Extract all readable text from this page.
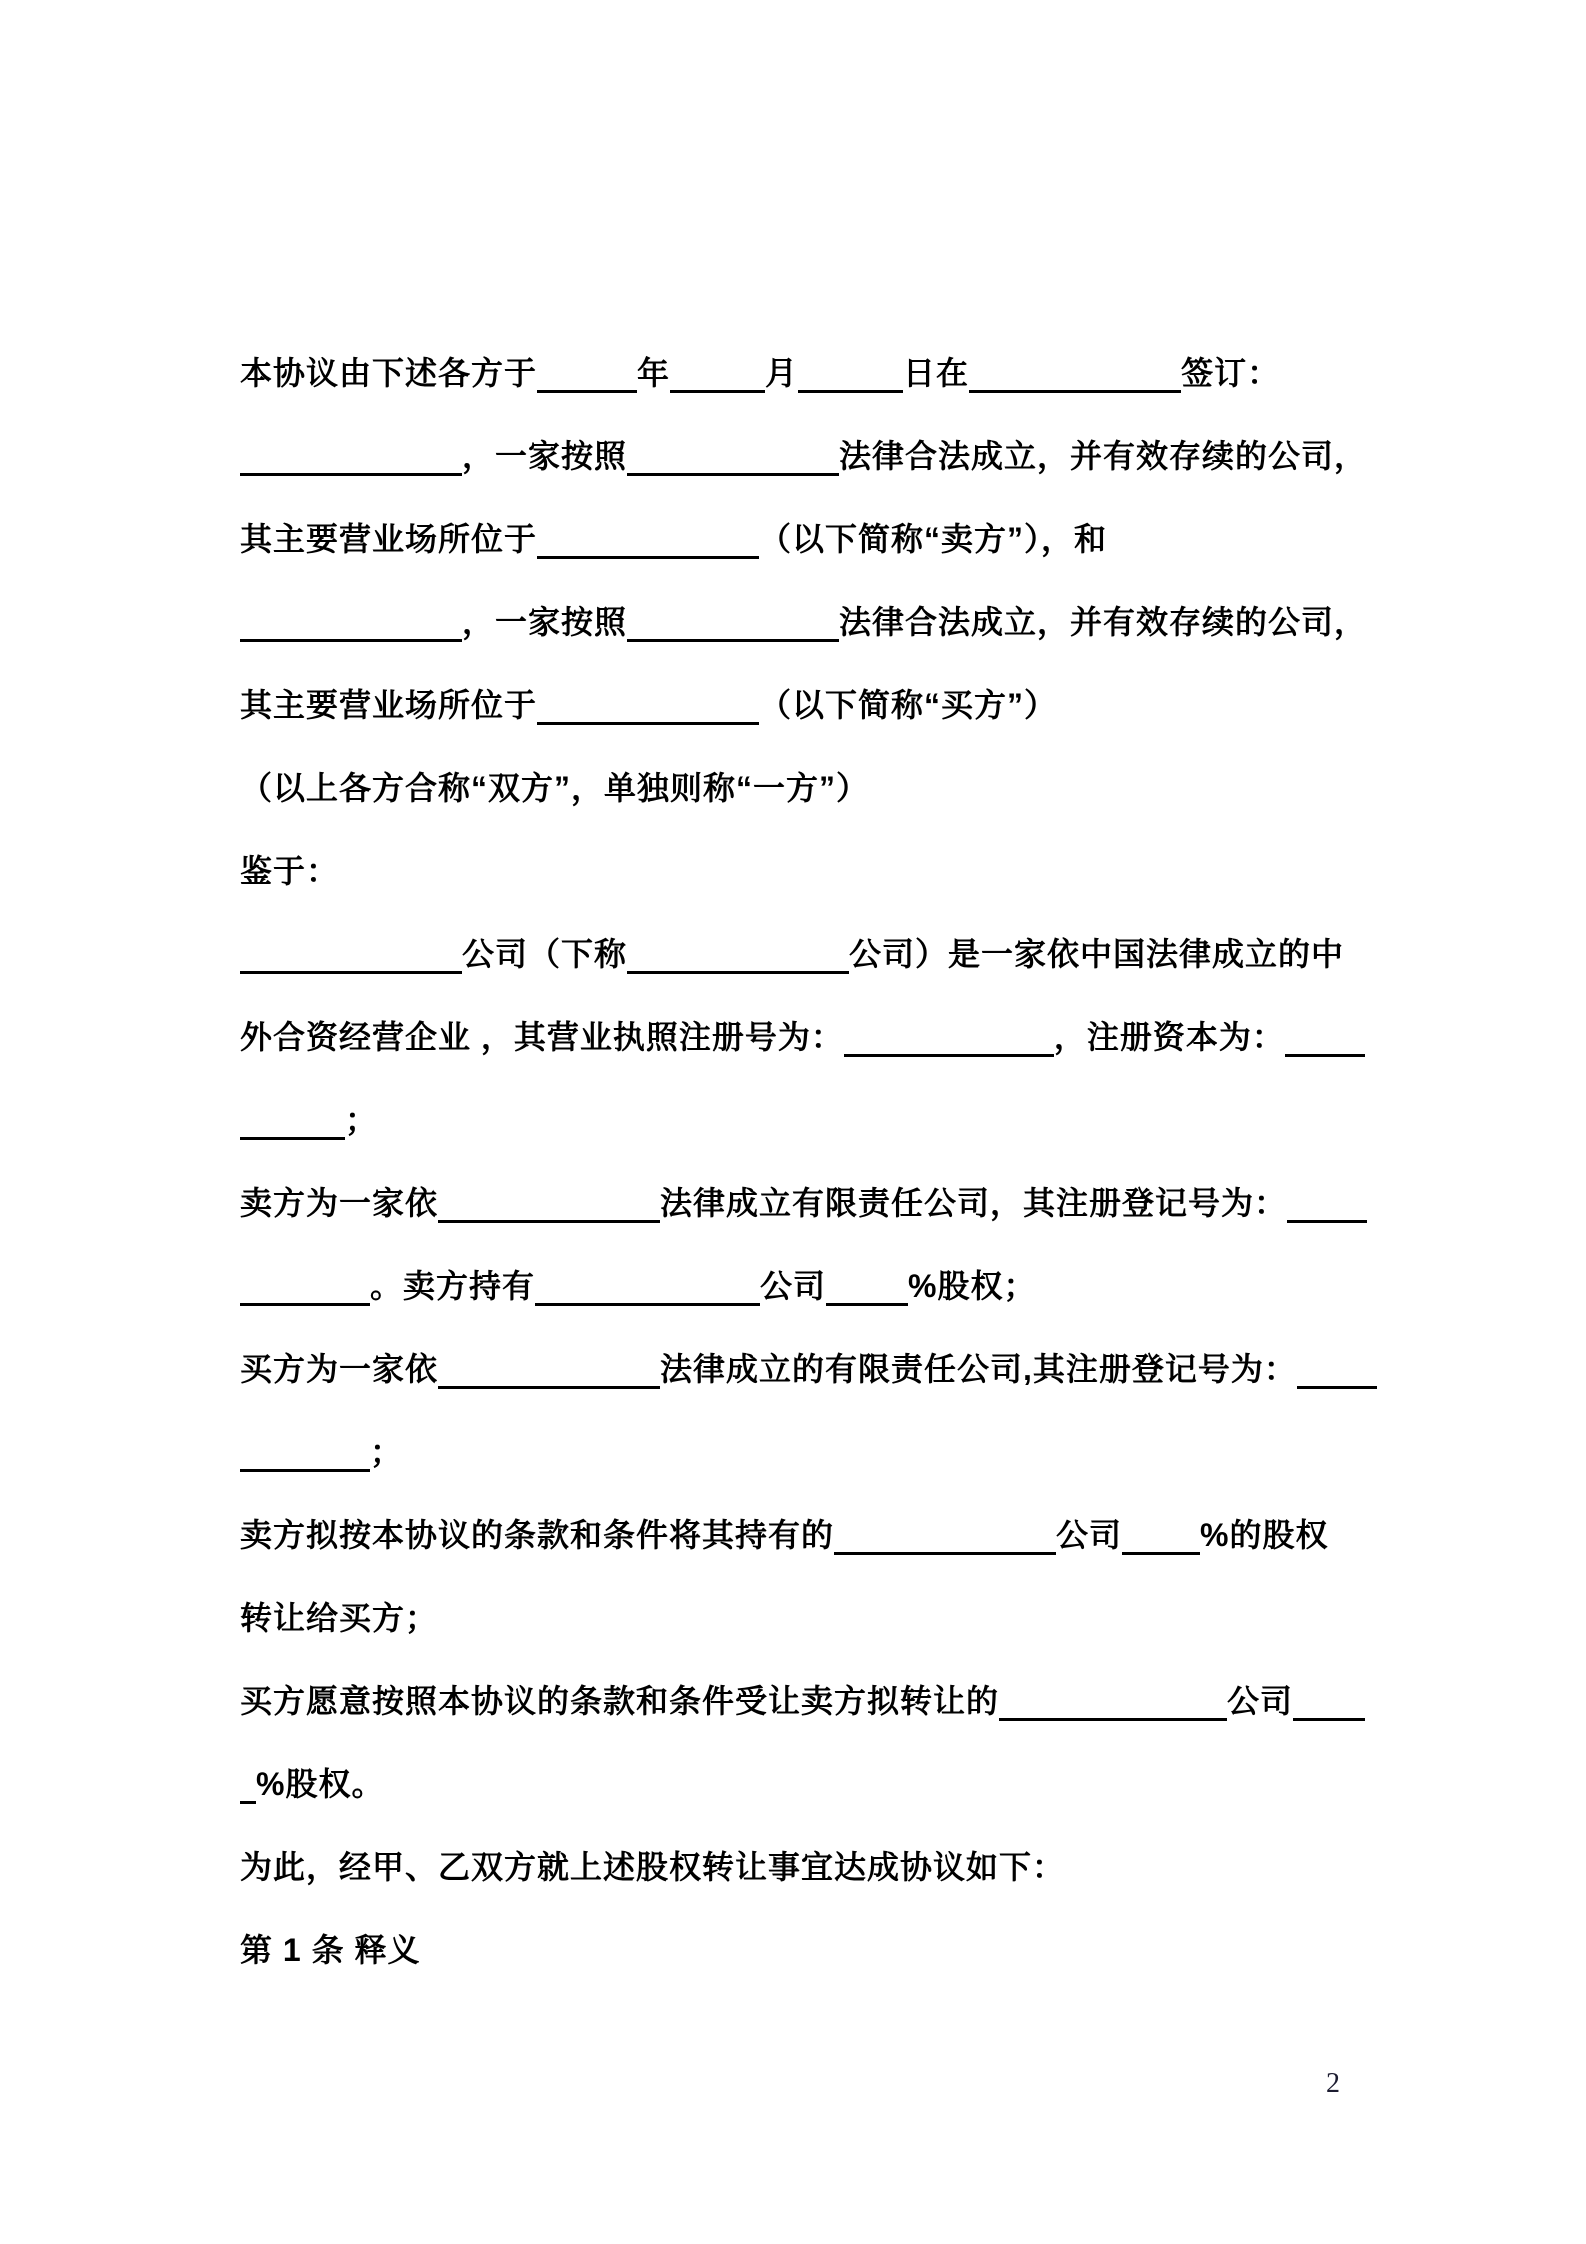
本协议由下述各方于	年	月	日在	签订：
，一家按照	法律合法成立，并有效存续的公司，
其主要营业场所位于	（以下简称“卖方”），和
，一家按照	法律合法成立，并有效存续的公司，
其主要营业场所位于	（以下简称“买方”）
（以上各方合称“双方”，单独则称“一方”）
鉴于：
公司（下称	公司）是一家依中国法律成立的中
外合资经营企业 ，其营业执照注册号为：	，注册资本为：
；
卖方为一家依	法律成立有限责任公司，其注册登记号为：
。卖方持有	公司	%股权；
买方为一家依	法律成立的有限责任公司,其注册登记号为：
；
卖方拟按本协议的条款和条件将其持有的	公司 %的股权
转让给买方；
买方愿意按照本协议的条款和条件受让卖方拟转让的	公司
%股权。
为此，经甲、乙双方就上述股权转让事宜达成协议如下：
第 1 条 释义
2
